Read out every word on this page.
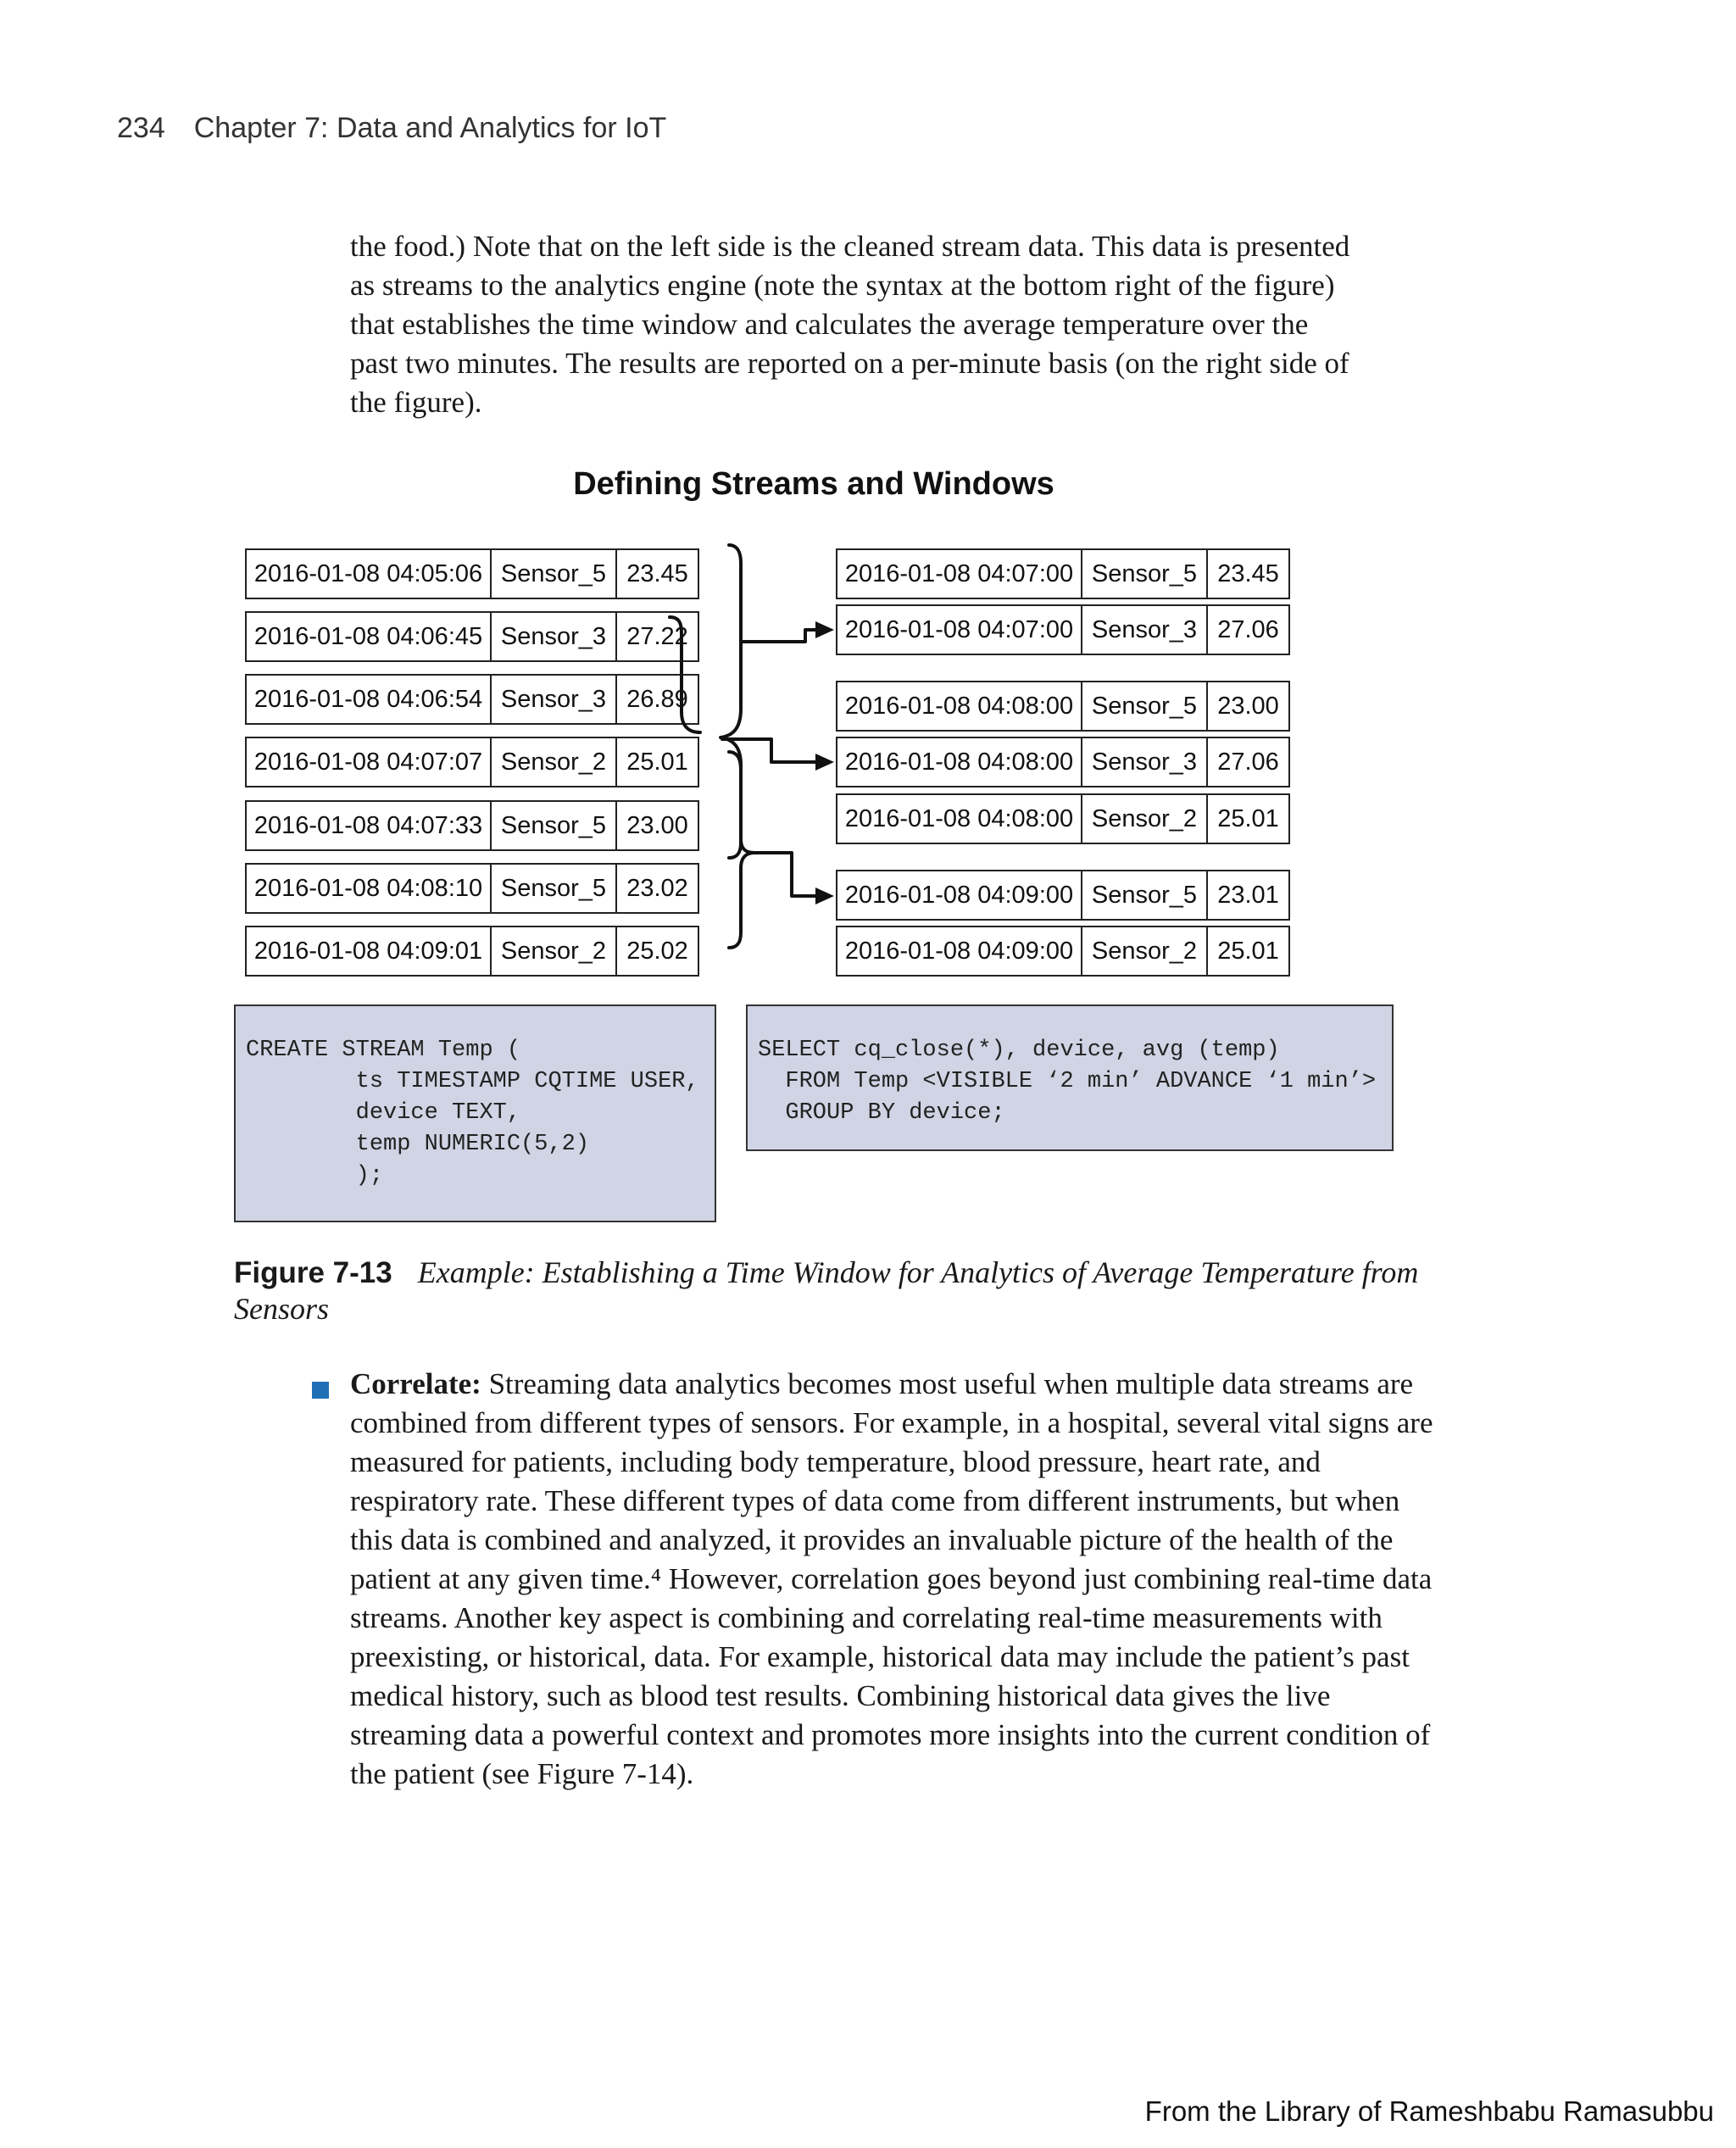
234 Chapter 7: Data and Analytics for IoT

the food.) Note that on the left side is the cleaned stream data. This data is presented

as streams to the analytics engine (note the syntax at the bottom right of the figure)

that establishes the time window and calculates the average temperature over the

past two minutes. The results are reported on a per-minute basis (on the right side of

the figure).

Defining Streams and Windows
2016-01-08 04:05:06 Sensor_5 23.45
2016-01-08 04:06:45 Sensor_3 27.22
2016-01-08 04:06:54 Sensor_3 26.89
2016-01-08 04:07:07 Sensor_2 25.01
2016-01-08 04:07:33 Sensor_5 23.00
2016-01-08 04:08:10 Sensor_5 23.02
2016-01-08 04:09:01 Sensor_2 25.02
2016-01-08 04:07:00 Sensor_5 23.45
2016-01-08 04:07:00 Sensor_3 27.06
2016-01-08 04:08:00 Sensor_5 23.00
2016-01-08 04:08:00 Sensor_3 27.06
2016-01-08 04:08:00 Sensor_2 25.01
2016-01-08 04:09:00 Sensor_5 23.01
2016-01-08 04:09:00 Sensor_2 25.01
CREATE STREAM Temp (
ts TIMESTAMP CQTIME USER,
device TEXT,
temp NUMERIC(5,2)
);
SELECT cq_close(*), device, avg (temp)
FROM Temp <VISIBLE ‘2 min’ ADVANCE ‘1 min’>
GROUP BY device;
Figure 7-13 Example: Establishing a Time Window for Analytics of Average Temperature from Sensors

Correlate: Streaming data analytics becomes most useful when multiple data streams are combined from different types of sensors. For example, in a hospital, several vital signs are measured for patients, including body temperature, blood pressure, heart rate, and respiratory rate. These different types of data come from different instruments, but when this data is combined and analyzed, it provides an invaluable picture of the health of the patient at any given time.⁴ However, correlation goes beyond just combining real-time data streams. Another key aspect is combining and correlating real-time measurements with preexisting, or historical, data. For example, historical data may include the patient’s past medical history, such as blood test results. Combining historical data gives the live streaming data a powerful context and promotes more insights into the current condition of the patient (see Figure 7-14).

From the Library of Rameshbabu Ramasubbu
